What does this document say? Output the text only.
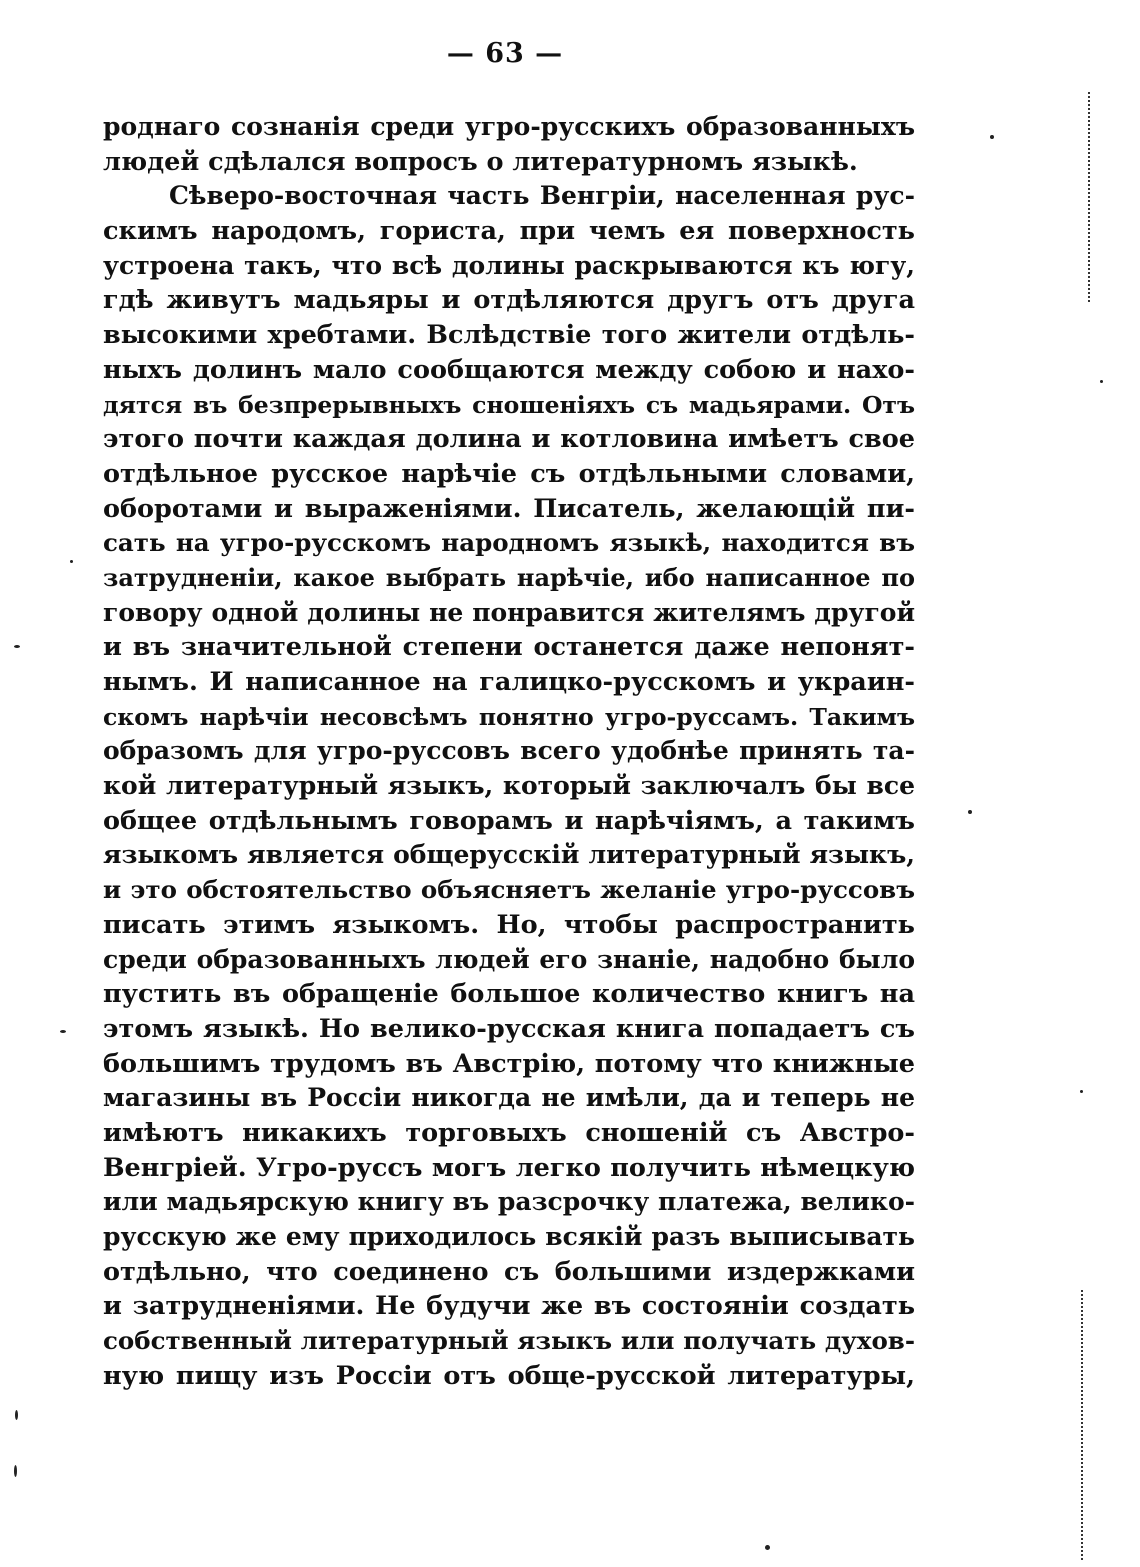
— 63 —
роднаго сознанія среди угро-русскихъ образованныхъ
людей сдѣлался вопросъ о литературномъ языкѣ.
Сѣверо-восточная часть Венгріи, населенная рус-
скимъ народомъ, гориста, при чемъ ея поверхность
устроена такъ, что всѣ долины раскрываются къ югу,
гдѣ живутъ мадьяры и отдѣляются другъ отъ друга
высокими хребтами. Вслѣдствіе того жители отдѣль-
ныхъ долинъ мало сообщаются между собою и нахо-
дятся въ безпрерывныхъ сношеніяхъ съ мадьярами. Отъ
этого почти каждая долина и котловина имѣетъ свое
отдѣльное русское нарѣчіе съ отдѣльными словами,
оборотами и выраженіями. Писатель, желающій пи-
сать на угро-русскомъ народномъ языкѣ, находится въ
затрудненіи, какое выбрать нарѣчіе, ибо написанное по
говору одной долины не понравится жителямъ другой
и въ значительной степени останется даже непонят-
нымъ. И написанное на галицко-русскомъ и украин-
скомъ нарѣчіи несовсѣмъ понятно угро-руссамъ. Такимъ
образомъ для угро-руссовъ всего удобнѣе принять та-
кой литературный языкъ, который заключалъ бы все
общее отдѣльнымъ говорамъ и нарѣчіямъ, а такимъ
языкомъ является общерусскій литературный языкъ,
и это обстоятельство объясняетъ желаніе угро-руссовъ
писать этимъ языкомъ. Но, чтобы распространить
среди образованныхъ людей его знаніе, надобно было
пустить въ обращеніе большое количество книгъ на
этомъ языкѣ. Но велико-русская книга попадаетъ съ
большимъ трудомъ въ Австрію, потому что книжные
магазины въ Россіи никогда не имѣли, да и теперь не
имѣютъ никакихъ торговыхъ сношеній съ Австро-
Венгріей. Угро-руссъ могъ легко получить нѣмецкую
или мадьярскую книгу въ разсрочку платежа, велико-
русскую же ему приходилось всякій разъ выписывать
отдѣльно, что соединено съ большими издержками
и затрудненіями. Не будучи же въ состояніи создать
собственный литературный языкъ или получать духов-
ную пищу изъ Россіи отъ обще-русской литературы,
